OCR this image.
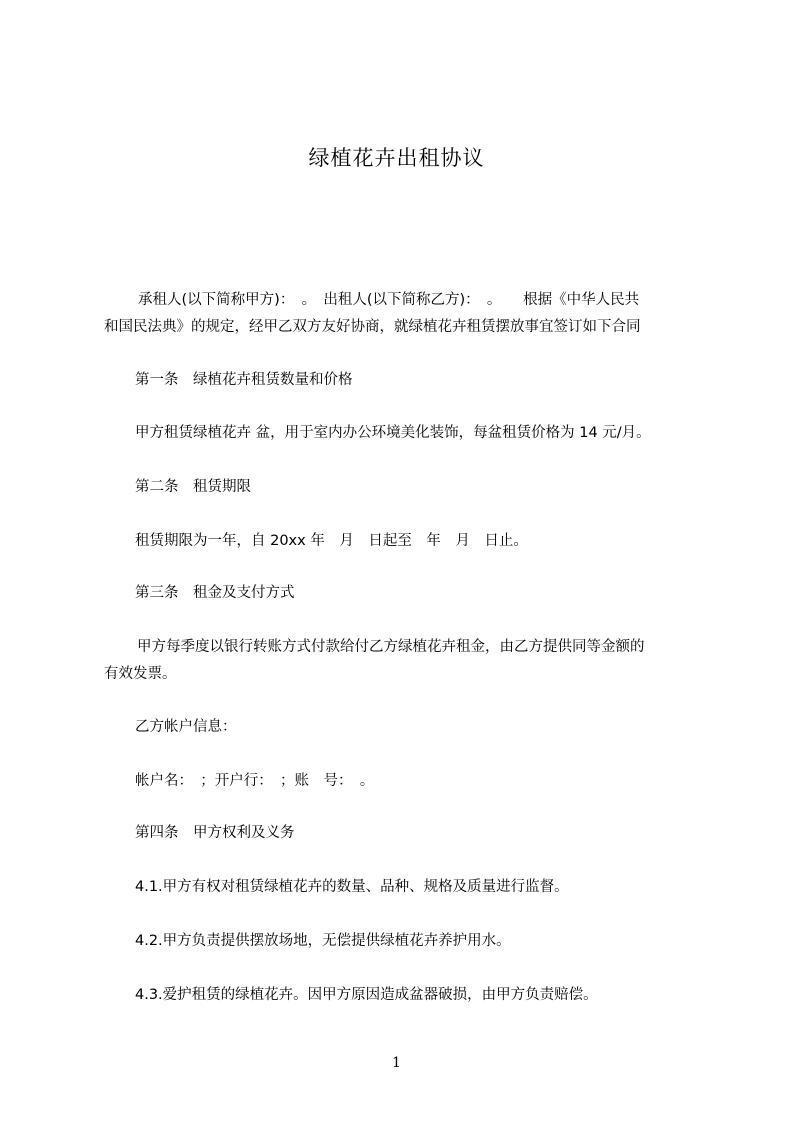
绿植花卉出租协议
承租人(以下简称甲方)：　。　出租人(以下简称乙方)：　。　　根据《中华人民共
和国民法典》的规定，经甲乙双方友好协商，就绿植花卉租赁摆放事宜签订如下合同
第一条　绿植花卉租赁数量和价格
甲方租赁绿植花卉 盆，用于室内办公环境美化装饰，每盆租赁价格为 14 元/月。
第二条　租赁期限
租赁期限为一年，自 20xx 年　月　日起至　年　月　日止。
第三条　租金及支付方式
甲方每季度以银行转账方式付款给付乙方绿植花卉租金，由乙方提供同等金额的
有效发票。
乙方帐户信息：
帐户名：　；开户行：　；账　号：　。
第四条　甲方权利及义务
4.1.甲方有权对租赁绿植花卉的数量、品种、规格及质量进行监督。
4.2.甲方负责提供摆放场地，无偿提供绿植花卉养护用水。
4.3.爱护租赁的绿植花卉。因甲方原因造成盆器破损，由甲方负责赔偿。
1
